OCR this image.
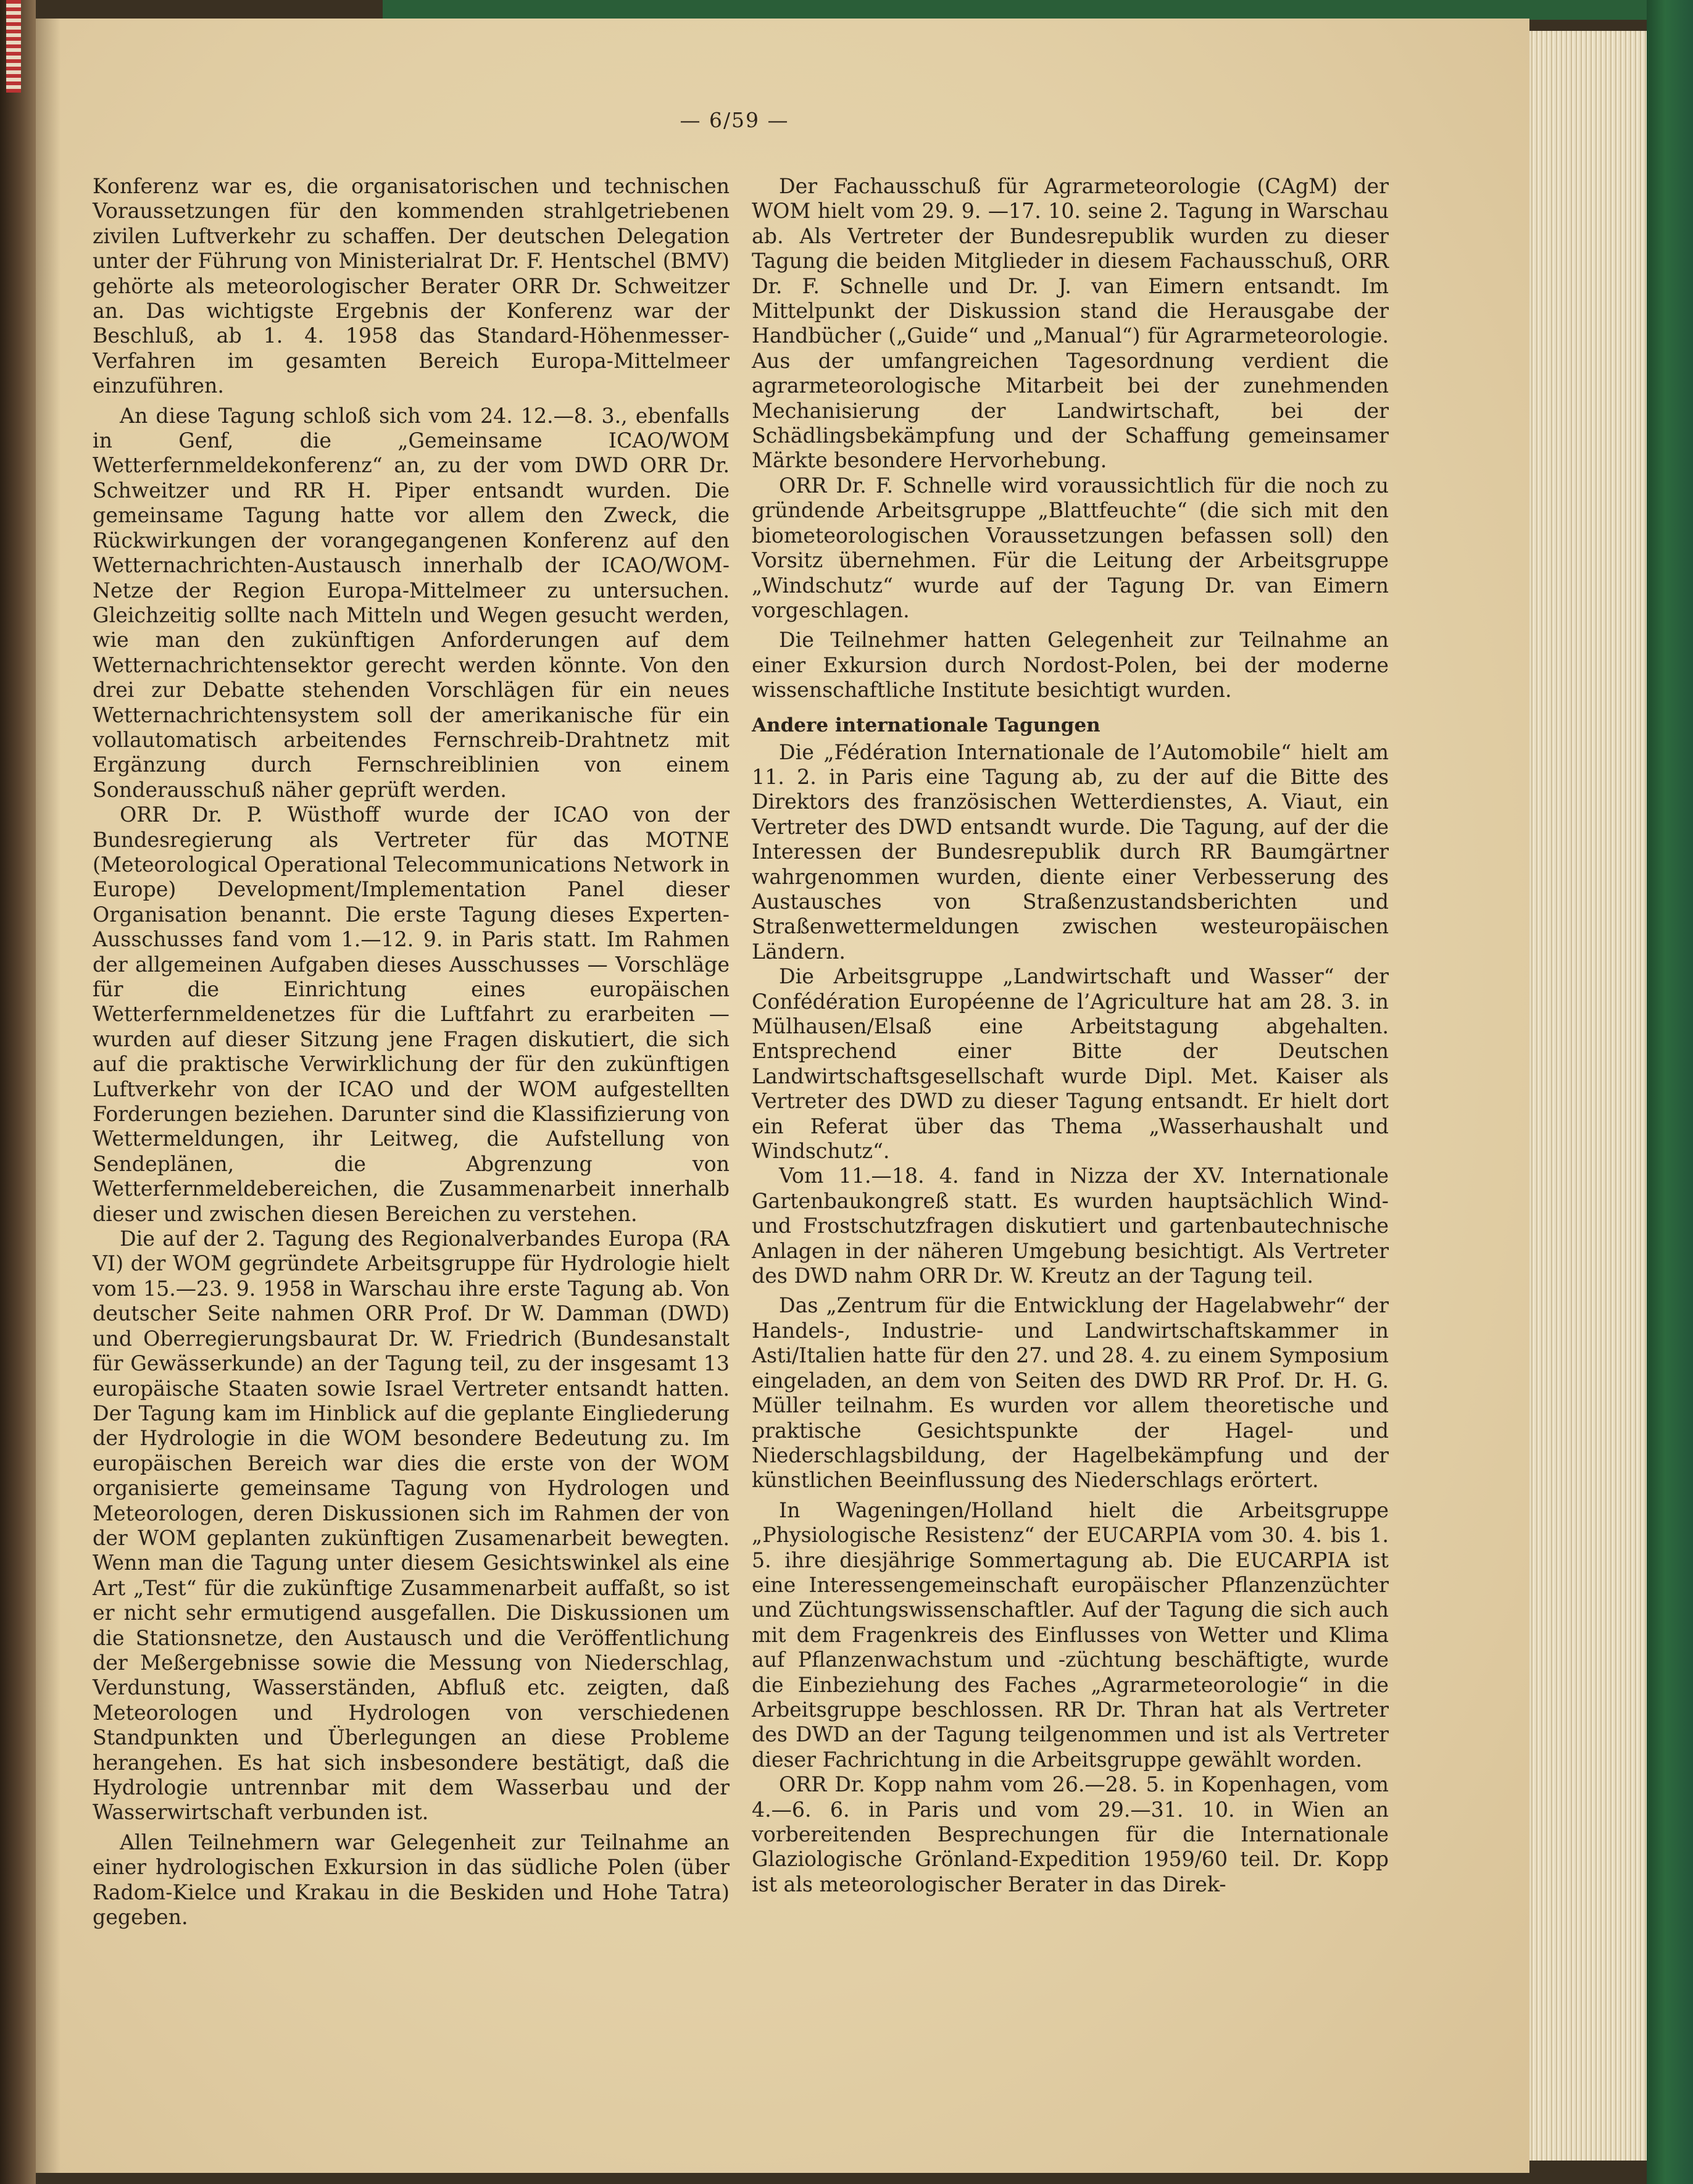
— 6/59 —

Konferenz war es, die organisatorischen und technischen Voraussetzungen für den kommenden strahlgetriebenen zivilen Luftverkehr zu schaffen. Der deutschen Delegation unter der Führung von Ministerialrat Dr. F. Hentschel (BMV) gehörte als meteorologischer Berater ORR Dr. Schweitzer an. Das wichtigste Ergebnis der Konferenz war der Beschluß, ab 1. 4. 1958 das Standard-Höhenmesser-Verfahren im gesamten Bereich Europa-Mittelmeer einzuführen.

An diese Tagung schloß sich vom 24. 12.—8. 3., ebenfalls in Genf, die „Gemeinsame ICAO/WOM Wetterfernmeldekonferenz“ an, zu der vom DWD ORR Dr. Schweitzer und RR H. Piper entsandt wurden. Die gemeinsame Tagung hatte vor allem den Zweck, die Rückwirkungen der vorangegangenen Konferenz auf den Wetternachrichten-Austausch innerhalb der ICAO/WOM-Netze der Region Europa-Mittelmeer zu untersuchen. Gleichzeitig sollte nach Mitteln und Wegen gesucht werden, wie man den zukünftigen Anforderungen auf dem Wetternachrichtensektor gerecht werden könnte. Von den drei zur Debatte stehenden Vorschlägen für ein neues Wetternachrichtensystem soll der amerikanische für ein vollautomatisch arbeitendes Fernschreib-Drahtnetz mit Ergänzung durch Fernschreiblinien von einem Sonderausschuß näher geprüft werden.

ORR Dr. P. Wüsthoff wurde der ICAO von der Bundesregierung als Vertreter für das MOTNE (Meteorological Operational Telecommunications Network in Europe) Development/Implementation Panel dieser Organisation benannt. Die erste Tagung dieses Experten-Ausschusses fand vom 1.—12. 9. in Paris statt. Im Rahmen der allgemeinen Aufgaben dieses Ausschusses — Vorschläge für die Einrichtung eines europäischen Wetterfernmeldenetzes für die Luftfahrt zu erarbeiten — wurden auf dieser Sitzung jene Fragen diskutiert, die sich auf die praktische Verwirklichung der für den zukünftigen Luftverkehr von der ICAO und der WOM aufgestellten Forderungen beziehen. Darunter sind die Klassifizierung von Wettermeldungen, ihr Leitweg, die Aufstellung von Sendeplänen, die Abgrenzung von Wetterfernmeldebereichen, die Zusammenarbeit innerhalb dieser und zwischen diesen Bereichen zu verstehen.

Die auf der 2. Tagung des Regionalverbandes Europa (RA VI) der WOM gegründete Arbeitsgruppe für Hydrologie hielt vom 15.—23. 9. 1958 in Warschau ihre erste Tagung ab. Von deutscher Seite nahmen ORR Prof. Dr W. Damman (DWD) und Oberregierungsbaurat Dr. W. Friedrich (Bundesanstalt für Gewässerkunde) an der Tagung teil, zu der insgesamt 13 europäische Staaten sowie Israel Vertreter entsandt hatten. Der Tagung kam im Hinblick auf die geplante Eingliederung der Hydrologie in die WOM besondere Bedeutung zu. Im europäischen Bereich war dies die erste von der WOM organisierte gemeinsame Tagung von Hydrologen und Meteorologen, deren Diskussionen sich im Rahmen der von der WOM geplanten zukünftigen Zusamenarbeit bewegten. Wenn man die Tagung unter diesem Gesichtswinkel als eine Art „Test“ für die zukünftige Zusammenarbeit auffaßt, so ist er nicht sehr ermutigend ausgefallen. Die Diskussionen um die Stationsnetze, den Austausch und die Veröffentlichung der Meßergebnisse sowie die Messung von Niederschlag, Verdunstung, Wasserständen, Abfluß etc. zeigten, daß Meteorologen und Hydrologen von verschiedenen Standpunkten und Überlegungen an diese Probleme herangehen. Es hat sich insbesondere bestätigt, daß die Hydrologie untrennbar mit dem Wasserbau und der Wasserwirtschaft verbunden ist.

Allen Teilnehmern war Gelegenheit zur Teilnahme an einer hydrologischen Exkursion in das südliche Polen (über Radom-Kielce und Krakau in die Beskiden und Hohe Tatra) gegeben.

Der Fachausschuß für Agrarmeteorologie (CAgM) der WOM hielt vom 29. 9. —17. 10. seine 2. Tagung in Warschau ab. Als Vertreter der Bundesrepublik wurden zu dieser Tagung die beiden Mitglieder in diesem Fachausschuß, ORR Dr. F. Schnelle und Dr. J. van Eimern entsandt. Im Mittelpunkt der Diskussion stand die Herausgabe der Handbücher („Guide“ und „Manual“) für Agrarmeteorologie. Aus der umfangreichen Tagesordnung verdient die agrarmeteorologische Mitarbeit bei der zunehmenden Mechanisierung der Landwirtschaft, bei der Schädlingsbekämpfung und der Schaffung gemeinsamer Märkte besondere Hervorhebung.

ORR Dr. F. Schnelle wird voraussichtlich für die noch zu gründende Arbeitsgruppe „Blattfeuchte“ (die sich mit den biometeorologischen Voraussetzungen befassen soll) den Vorsitz übernehmen. Für die Leitung der Arbeitsgruppe „Windschutz“ wurde auf der Tagung Dr. van Eimern vorgeschlagen.

Die Teilnehmer hatten Gelegenheit zur Teilnahme an einer Exkursion durch Nordost-Polen, bei der moderne wissenschaftliche Institute besichtigt wurden.

Andere internationale Tagungen

Die „Fédération Internationale de l’Automobile“ hielt am 11. 2. in Paris eine Tagung ab, zu der auf die Bitte des Direktors des französischen Wetterdienstes, A. Viaut, ein Vertreter des DWD entsandt wurde. Die Tagung, auf der die Interessen der Bundesrepublik durch RR Baumgärtner wahrgenommen wurden, diente einer Verbesserung des Austausches von Straßenzustandsberichten und Straßenwettermeldungen zwischen westeuropäischen Ländern.

Die Arbeitsgruppe „Landwirtschaft und Wasser“ der Confédération Européenne de l’Agriculture hat am 28. 3. in Mülhausen/Elsaß eine Arbeitstagung abgehalten. Entsprechend einer Bitte der Deutschen Landwirtschaftsgesellschaft wurde Dipl. Met. Kaiser als Vertreter des DWD zu dieser Tagung entsandt. Er hielt dort ein Referat über das Thema „Wasserhaushalt und Windschutz“.

Vom 11.—18. 4. fand in Nizza der XV. Internationale Gartenbaukongreß statt. Es wurden hauptsächlich Wind- und Frostschutzfragen diskutiert und gartenbautechnische Anlagen in der näheren Umgebung besichtigt. Als Vertreter des DWD nahm ORR Dr. W. Kreutz an der Tagung teil.

Das „Zentrum für die Entwicklung der Hagelabwehr“ der Handels-, Industrie- und Landwirtschaftskammer in Asti/Italien hatte für den 27. und 28. 4. zu einem Symposium eingeladen, an dem von Seiten des DWD RR Prof. Dr. H. G. Müller teilnahm. Es wurden vor allem theoretische und praktische Gesichtspunkte der Hagel- und Niederschlagsbildung, der Hagelbekämpfung und der künstlichen Beeinflussung des Niederschlags erörtert.

In Wageningen/Holland hielt die Arbeitsgruppe „Physiologische Resistenz“ der EUCARPIA vom 30. 4. bis 1. 5. ihre diesjährige Sommertagung ab. Die EUCARPIA ist eine Interessengemeinschaft europäischer Pflanzenzüchter und Züchtungswissenschaftler. Auf der Tagung die sich auch mit dem Fragenkreis des Einflusses von Wetter und Klima auf Pflanzenwachstum und -züchtung beschäftigte, wurde die Einbeziehung des Faches „Agrarmeteorologie“ in die Arbeitsgruppe beschlossen. RR Dr. Thran hat als Vertreter des DWD an der Tagung teilgenommen und ist als Vertreter dieser Fachrichtung in die Arbeitsgruppe gewählt worden.

ORR Dr. Kopp nahm vom 26.—28. 5. in Kopenhagen, vom 4.—6. 6. in Paris und vom 29.—31. 10. in Wien an vorbereitenden Besprechungen für die Internationale Glaziologische Grönland-Expedition 1959/60 teil. Dr. Kopp ist als meteorologischer Berater in das Direk-
